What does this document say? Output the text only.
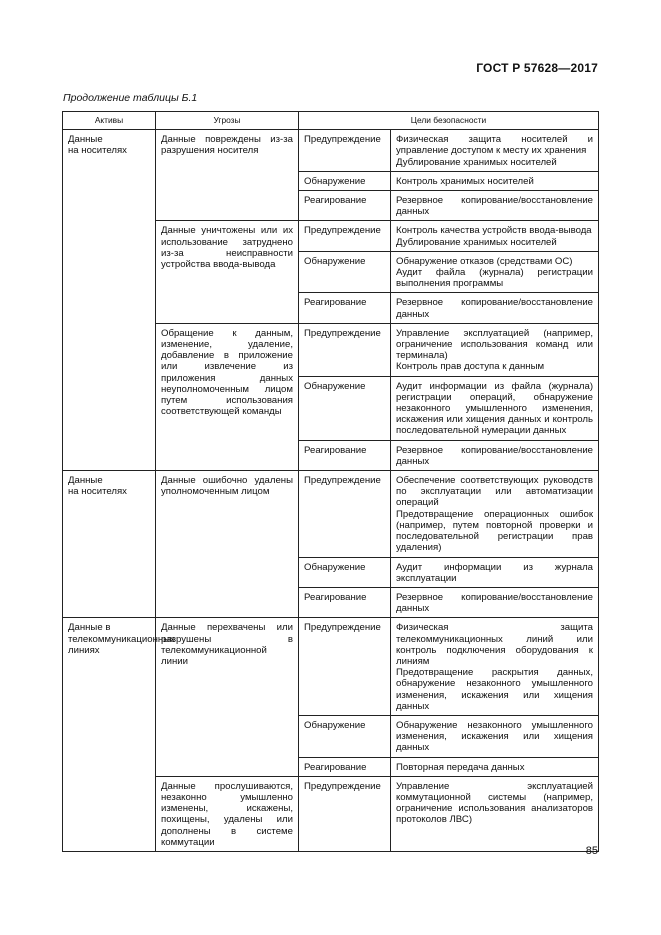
ГОСТ Р 57628—2017
Продолжение таблицы Б.1
Активы	Угрозы	Цели безопасности	

Данные
на носителях	Данные повреждены из-за разрушения носителя	Предупреждение	Физическая защита носителей и управление доступом к месту их хранения
Дублирование хранимых носителей

		Обнаружение	Контроль хранимых носителей

		Реагирование	Резервное копирование/восстановление данных

	Данные уничтожены или их использование затруднено из-за неисправности устройства ввода-вывода	Предупреждение	Контроль качества устройств ввода-вывода
Дублирование хранимых носителей

		Обнаружение	Обнаружение отказов (средствами ОС)
Аудит файла (журнала) регистрации выполнения программы

		Реагирование	Резервное копирование/восстановление данных

	Обращение к данным, изменение, удаление, добавление в приложение или извлечение из приложения данных неуполномоченным лицом путем использования соответствующей команды	Предупреждение	Управление эксплуатацией (например, ограничение использования команд или терминала)
Контроль прав доступа к данным

		Обнаружение	Аудит информации из файла (журнала) регистрации операций, обнаружение незаконного умышленного изменения, искажения или хищения данных и контроль последовательной нумерации данных

		Реагирование	Резервное копирование/восстановление данных

Данные
на носителях	Данные ошибочно удалены уполномоченным лицом	Предупреждение	Обеспечение соответствующих руководств по эксплуатации или автоматизации операций
Предотвращение операционных ошибок (например, путем повторной проверки и последовательной регистрации прав удаления)

		Обнаружение	Аудит информации из журнала эксплуатации

		Реагирование	Резервное копирование/восстановление данных

Данные в телекоммуникационных линиях	Данные перехвачены или разрушены в телекоммуникационной линии	Предупреждение	Физическая защита телекоммуникационных линий или контроль подключения оборудования к линиям
Предотвращение раскрытия данных, обнаружение незаконного умышленного изменения, искажения или хищения данных

		Обнаружение	Обнаружение незаконного умышленного изменения, искажения или хищения данных

		Реагирование	Повторная передача данных

	Данные прослушиваются, незаконно умышленно изменены, искажены, похищены, удалены или дополнены в системе коммутации	Предупреждение	Управление эксплуатацией коммутационной системы (например, ограничение использования анализаторов протоколов ЛВС)
85
